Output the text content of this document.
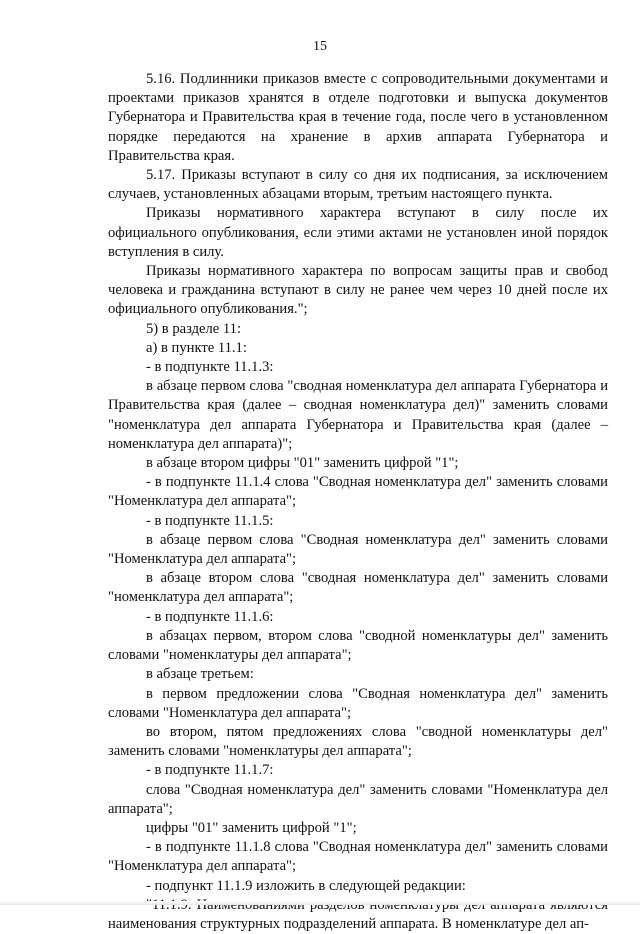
15

5.16. Подлинники приказов вместе с сопроводительными документами и проектами приказов хранятся в отделе подготовки и выпуска документов Губернатора и Правительства края в течение года, после чего в установленном порядке передаются на хранение в архив аппарата Губернатора и Правительства края.

5.17. Приказы вступают в силу со дня их подписания, за исключением случаев, установленных абзацами вторым, третьим настоящего пункта.

Приказы нормативного характера вступают в силу после их официального опубликования, если этими актами не установлен иной порядок вступления в силу.

Приказы нормативного характера по вопросам защиты прав и свобод человека и гражданина вступают в силу не ранее чем через 10 дней после их официального опубликования.";

5) в разделе 11:

а) в пункте 11.1:

- в подпункте 11.1.3:

в абзаце первом слова "сводная номенклатура дел аппарата Губернатора и Правительства края (далее – сводная номенклатура дел)" заменить словами "номенклатура дел аппарата Губернатора и Правительства края (далее – номенклатура дел аппарата)";

в абзаце втором цифры "01" заменить цифрой "1";

- в подпункте 11.1.4 слова "Сводная номенклатура дел" заменить словами "Номенклатура дел аппарата";

- в подпункте 11.1.5:

в абзаце первом слова "Сводная номенклатура дел" заменить словами "Номенклатура дел аппарата";

в абзаце втором слова "сводная номенклатура дел" заменить словами "номенклатура дел аппарата";

- в подпункте 11.1.6:

в абзацах первом, втором слова "сводной номенклатуры дел" заменить словами "номенклатуры дел аппарата";

в абзаце третьем:

в первом предложении слова "Сводная номенклатура дел" заменить словами "Номенклатура дел аппарата";

во втором, пятом предложениях слова "сводной номенклатуры дел" заменить словами "номенклатуры дел аппарата";

- в подпункте 11.1.7:

слова "Сводная номенклатура дел" заменить словами "Номенклатура дел аппарата";

цифры "01" заменить цифрой "1";

- в подпункте 11.1.8 слова "Сводная номенклатура дел" заменить словами "Номенклатура дел аппарата";

- подпункт 11.1.9 изложить в следующей редакции:

наименования структурных подразделений аппарата. В номенклатуре дел ап-
